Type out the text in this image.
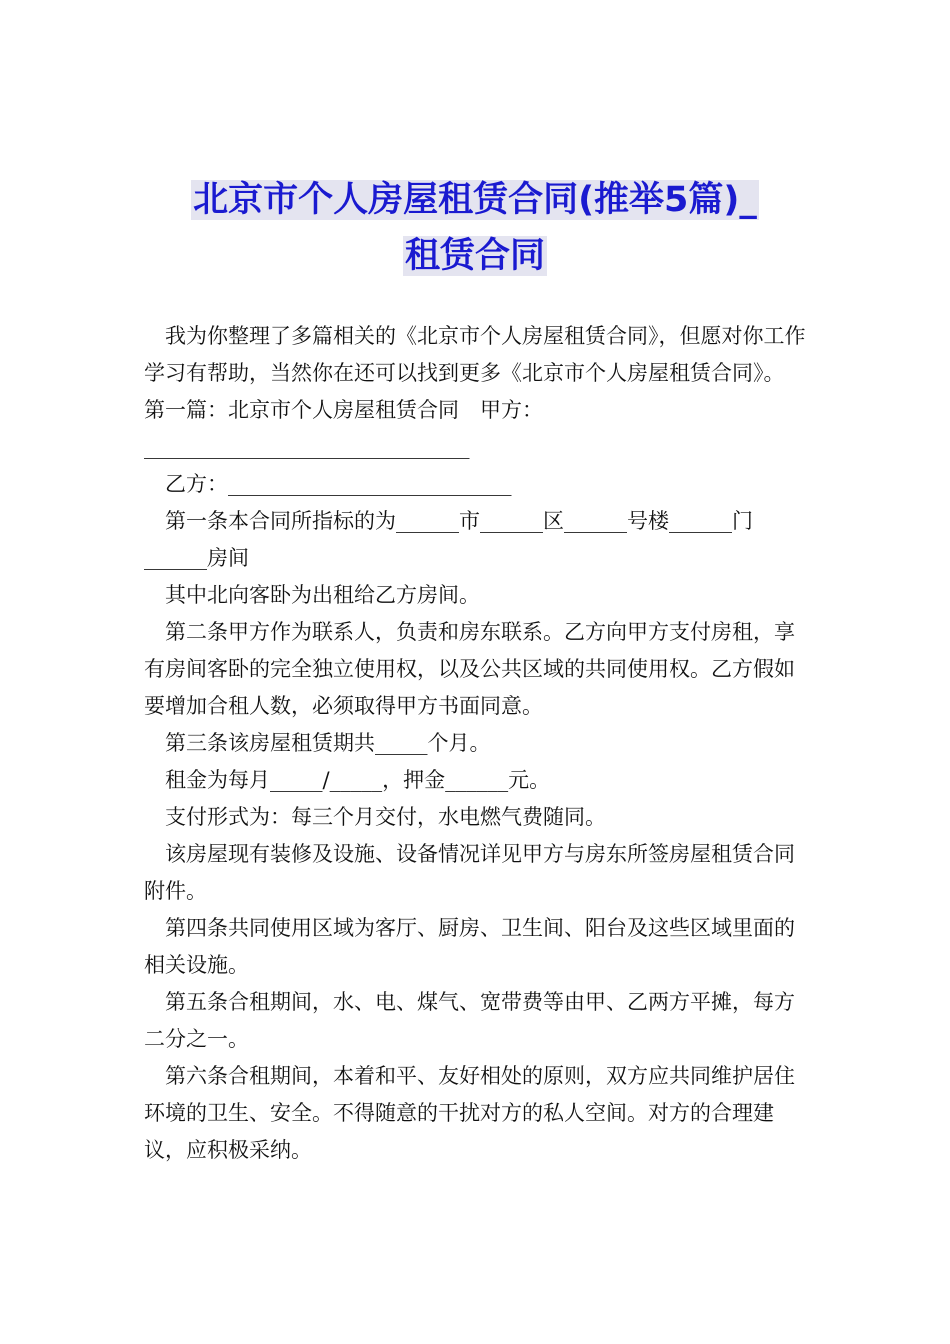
北京市个人房屋租赁合同(推举5篇)_
租赁合同

我为你整理了多篇相关的《北京市个人房屋租赁合同》，但愿对你工作学习有帮助，当然你在还可以找到更多《北京市个人房屋租赁合同》。

第一篇：北京市个人房屋租赁合同　甲方：_______________________________

乙方：___________________________

第一条本合同所指标的为______市______区______号楼______门______房间

其中北向客卧为出租给乙方房间。

第二条甲方作为联系人，负责和房东联系。乙方向甲方支付房租，享有房间客卧的完全独立使用权，以及公共区域的共同使用权。乙方假如要增加合租人数，必须取得甲方书面同意。

第三条该房屋租赁期共_____个月。

租金为每月_____/_____，押金______元。

支付形式为：每三个月交付，水电燃气费随同。

该房屋现有装修及设施、设备情况详见甲方与房东所签房屋租赁合同附件。

第四条共同使用区域为客厅、厨房、卫生间、阳台及这些区域里面的相关设施。

第五条合租期间，水、电、煤气、宽带费等由甲、乙两方平摊，每方二分之一。

第六条合租期间，本着和平、友好相处的原则，双方应共同维护居住环境的卫生、安全。不得随意的干扰对方的私人空间。对方的合理建议，应积极采纳。
